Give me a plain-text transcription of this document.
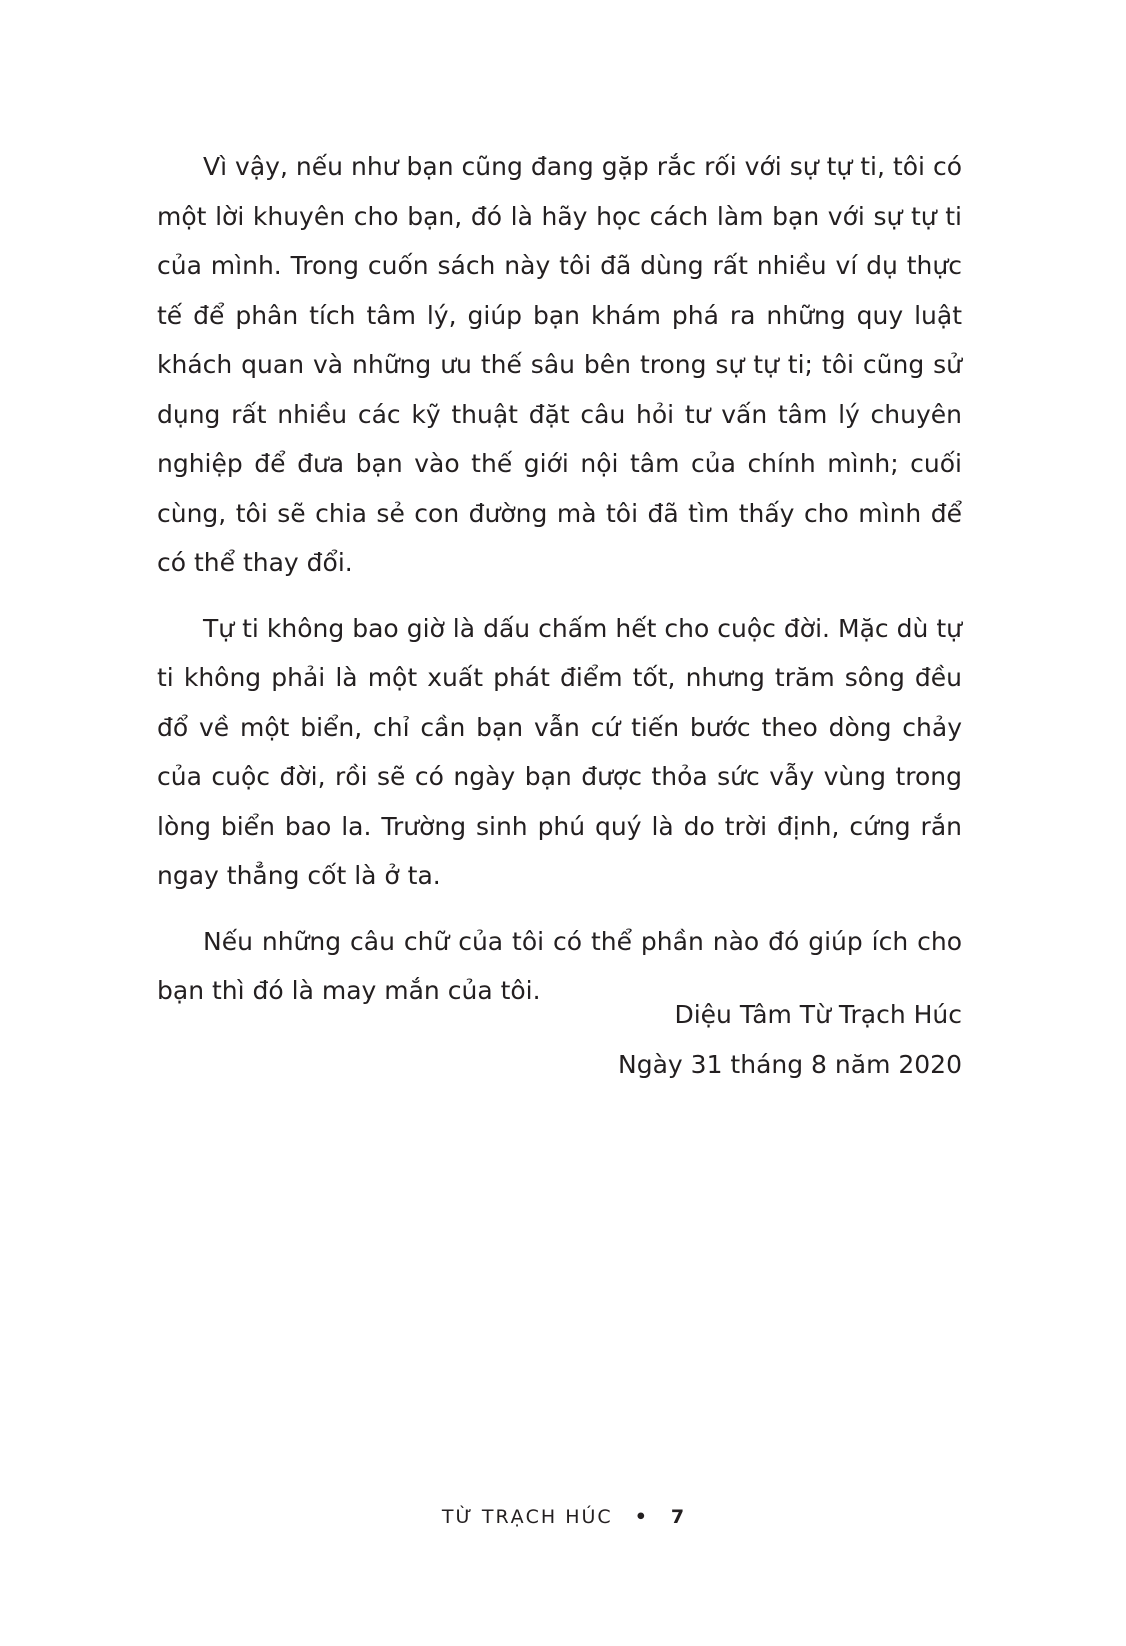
Vì vậy, nếu như bạn cũng đang gặp rắc rối với sự tự ti, tôi có một lời khuyên cho bạn, đó là hãy học cách làm bạn với sự tự ti của mình. Trong cuốn sách này tôi đã dùng rất nhiều ví dụ thực tế để phân tích tâm lý, giúp bạn khám phá ra những quy luật khách quan và những ưu thế sâu bên trong sự tự ti; tôi cũng sử dụng rất nhiều các kỹ thuật đặt câu hỏi tư vấn tâm lý chuyên nghiệp để đưa bạn vào thế giới nội tâm của chính mình; cuối cùng, tôi sẽ chia sẻ con đường mà tôi đã tìm thấy cho mình để có thể thay đổi.

Tự ti không bao giờ là dấu chấm hết cho cuộc đời. Mặc dù tự ti không phải là một xuất phát điểm tốt, nhưng trăm sông đều đổ về một biển, chỉ cần bạn vẫn cứ tiến bước theo dòng chảy của cuộc đời, rồi sẽ có ngày bạn được thỏa sức vẫy vùng trong lòng biển bao la. Trường sinh phú quý là do trời định, cứng rắn ngay thẳng cốt là ở ta.

Nếu những câu chữ của tôi có thể phần nào đó giúp ích cho bạn thì đó là may mắn của tôi.

Diệu Tâm Từ Trạch Húc
Ngày 31 tháng 8 năm 2020
TỪ TRẠCH HÚC • 7
